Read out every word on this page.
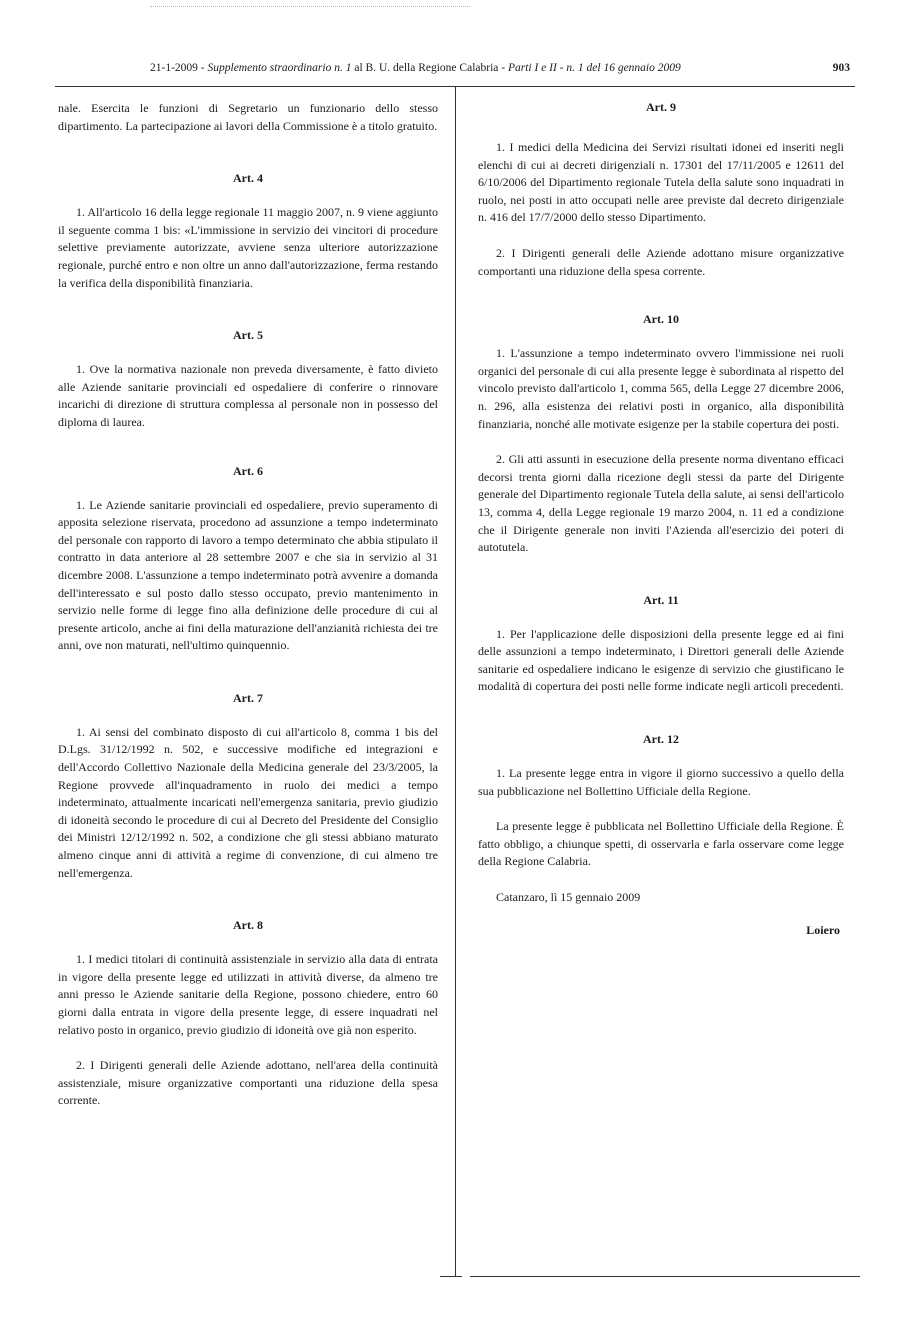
21-1-2009 - Supplemento straordinario n. 1 al B. U. della Regione Calabria - Parti I e II - n. 1 del 16 gennaio 2009	903

nale. Esercita le funzioni di Segretario un funzionario dello stesso dipartimento. La partecipazione ai lavori della Commissione è a titolo gratuito.

Art. 4

1. All'articolo 16 della legge regionale 11 maggio 2007, n. 9 viene aggiunto il seguente comma 1 bis: «L'immissione in servizio dei vincitori di procedure selettive previamente autorizzate, avviene senza ulteriore autorizzazione regionale, purché entro e non oltre un anno dall'autorizzazione, ferma restando la verifica della disponibilità finanziaria.

Art. 5

1. Ove la normativa nazionale non preveda diversamente, è fatto divieto alle Aziende sanitarie provinciali ed ospedaliere di conferire o rinnovare incarichi di direzione di struttura complessa al personale non in possesso del diploma di laurea.

Art. 6

1. Le Aziende sanitarie provinciali ed ospedaliere, previo superamento di apposita selezione riservata, procedono ad assunzione a tempo indeterminato del personale con rapporto di lavoro a tempo determinato che abbia stipulato il contratto in data anteriore al 28 settembre 2007 e che sia in servizio al 31 dicembre 2008. L'assunzione a tempo indeterminato potrà avvenire a domanda dell'interessato e sul posto dallo stesso occupato, previo mantenimento in servizio nelle forme di legge fino alla definizione delle procedure di cui al presente articolo, anche ai fini della maturazione dell'anzianità richiesta dei tre anni, ove non maturati, nell'ultimo quinquennio.

Art. 7

1. Ai sensi del combinato disposto di cui all'articolo 8, comma 1 bis del D.Lgs. 31/12/1992 n. 502, e successive modifiche ed integrazioni e dell'Accordo Collettivo Nazionale della Medicina generale del 23/3/2005, la Regione provvede all'inquadramento in ruolo dei medici a tempo indeterminato, attualmente incaricati nell'emergenza sanitaria, previo giudizio di idoneità secondo le procedure di cui al Decreto del Presidente del Consiglio dei Ministri 12/12/1992 n. 502, a condizione che gli stessi abbiano maturato almeno cinque anni di attività a regime di convenzione, di cui almeno tre nell'emergenza.

Art. 8

1. I medici titolari di continuità assistenziale in servizio alla data di entrata in vigore della presente legge ed utilizzati in attività diverse, da almeno tre anni presso le Aziende sanitarie della Regione, possono chiedere, entro 60 giorni dalla entrata in vigore della presente legge, di essere inquadrati nel relativo posto in organico, previo giudizio di idoneità ove già non esperito.

2. I Dirigenti generali delle Aziende adottano, nell'area della continuità assistenziale, misure organizzative comportanti una riduzione della spesa corrente.

Art. 9

1. I medici della Medicina dei Servizi risultati idonei ed inseriti negli elenchi di cui ai decreti dirigenziali n. 17301 del 17/11/2005 e 12611 del 6/10/2006 del Dipartimento regionale Tutela della salute sono inquadrati in ruolo, nei posti in atto occupati nelle aree previste dal decreto dirigenziale n. 416 del 17/7/2000 dello stesso Dipartimento.

2. I Dirigenti generali delle Aziende adottano misure organizzative comportanti una riduzione della spesa corrente.

Art. 10

1. L'assunzione a tempo indeterminato ovvero l'immissione nei ruoli organici del personale di cui alla presente legge è subordinata al rispetto del vincolo previsto dall'articolo 1, comma 565, della Legge 27 dicembre 2006, n. 296, alla esistenza dei relativi posti in organico, alla disponibilità finanziaria, nonché alle motivate esigenze per la stabile copertura dei posti.

2. Gli atti assunti in esecuzione della presente norma diventano efficaci decorsi trenta giorni dalla ricezione degli stessi da parte del Dirigente generale del Dipartimento regionale Tutela della salute, ai sensi dell'articolo 13, comma 4, della Legge regionale 19 marzo 2004, n. 11 ed a condizione che il Dirigente generale non inviti l'Azienda all'esercizio dei poteri di autotutela.

Art. 11

1. Per l'applicazione delle disposizioni della presente legge ed ai fini delle assunzioni a tempo indeterminato, i Direttori generali delle Aziende sanitarie ed ospedaliere indicano le esigenze di servizio che giustificano le modalità di copertura dei posti nelle forme indicate negli articoli precedenti.

Art. 12

1. La presente legge entra in vigore il giorno successivo a quello della sua pubblicazione nel Bollettino Ufficiale della Regione.

La presente legge è pubblicata nel Bollettino Ufficiale della Regione. È fatto obbligo, a chiunque spetti, di osservarla e farla osservare come legge della Regione Calabria.

Catanzaro, lì 15 gennaio 2009

Loiero
